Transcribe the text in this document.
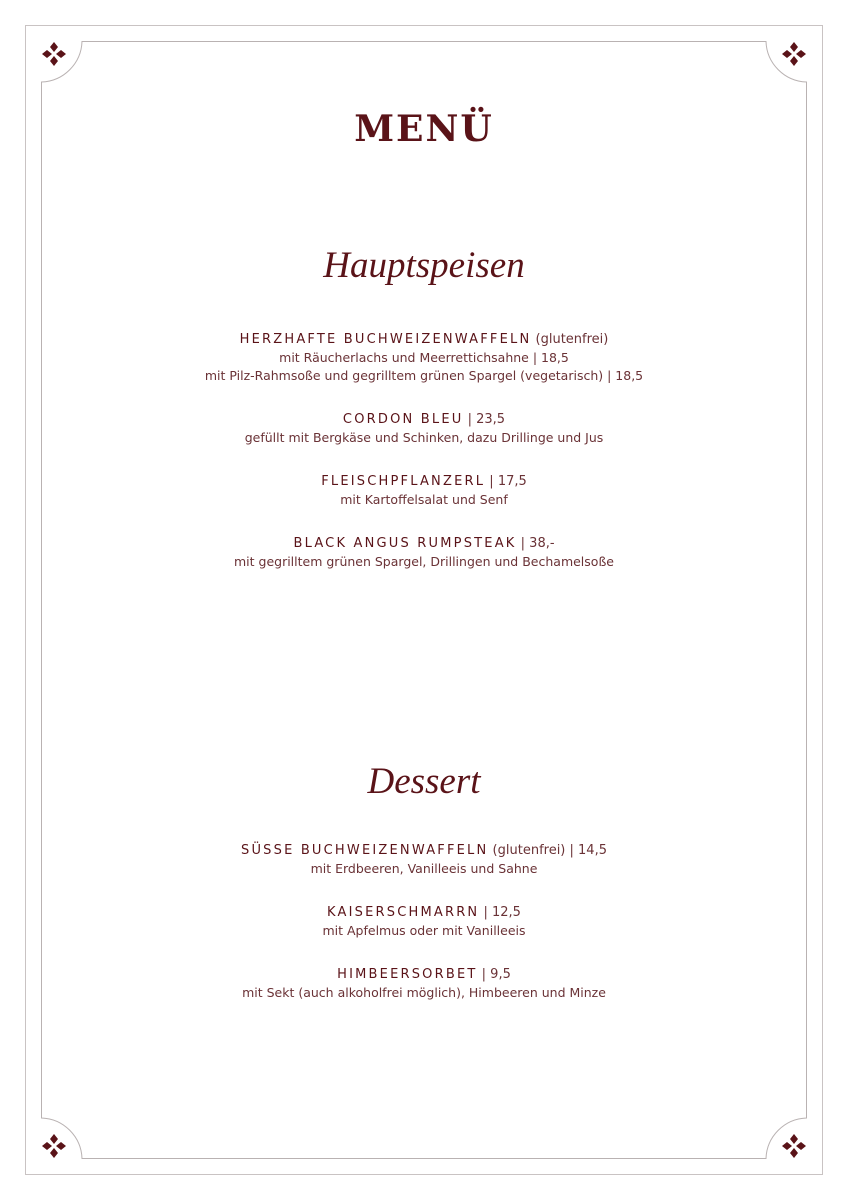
MENÜ
Hauptspeisen
HERZHAFTE BUCHWEIZENWAFFELN (glutenfrei)
mit Räucherlachs und Meerrettichsahne | 18,5
mit Pilz-Rahmsoße und gegrilltem grünen Spargel (vegetarisch) | 18,5
CORDON BLEU | 23,5
gefüllt mit Bergkäse und Schinken, dazu Drillinge und Jus
FLEISCHPFLANZERL | 17,5
mit Kartoffelsalat und Senf
BLACK ANGUS RUMPSTEAK | 38,-
mit gegrilltem grünen Spargel, Drillingen und Bechamelsoße
Dessert
SÜSSE BUCHWEIZENWAFFELN (glutenfrei) | 14,5
mit Erdbeeren, Vanilleeis und Sahne
KAISERSCHMARRN | 12,5
mit Apfelmus oder mit Vanilleeis
HIMBEERSORBET | 9,5
mit Sekt (auch alkoholfrei möglich), Himbeeren und Minze
